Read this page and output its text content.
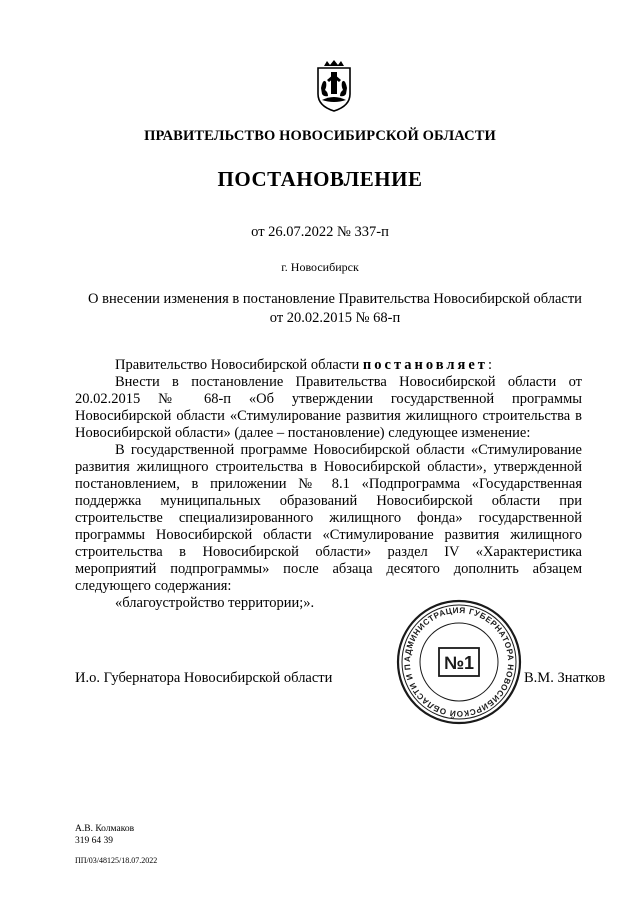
ПРАВИТЕЛЬСТВО НОВОСИБИРСКОЙ ОБЛАСТИ
ПОСТАНОВЛЕНИЕ
от 26.07.2022 № 337-п
г. Новосибирск
О внесении изменения в постановление Правительства Новосибирской области
от 20.02.2015 № 68-п

Правительство Новосибирской области постановляет:

Внести в постановление Правительства Новосибирской области от 20.02.2015 № 68-п «Об утверждении государственной программы Новосибирской области «Стимулирование развития жилищного строительства в Новосибирской области» (далее – постановление) следующее изменение:

В государственной программе Новосибирской области «Стимулирование развития жилищного строительства в Новосибирской области», утвержденной постановлением, в приложении № 8.1 «Подпрограмма «Государственная поддержка муниципальных образований Новосибирской области при строительстве специализированного жилищного фонда» государственной программы Новосибирской области «Стимулирование развития жилищного строительства в Новосибирской области» раздел IV «Характеристика мероприятий подпрограммы» после абзаца десятого дополнить абзацем следующего содержания:

«благоустройство территории;».

И.о. Губернатора Новосибирской области
АДМИНИСТРАЦИЯ ГУБЕРНАТОРА НОВОСИБИРСКОЙ ОБЛАСТИ И П	№1
В.М. Знатков
А.В. Колмаков
319 64 39
ПП/03/48125/18.07.2022
